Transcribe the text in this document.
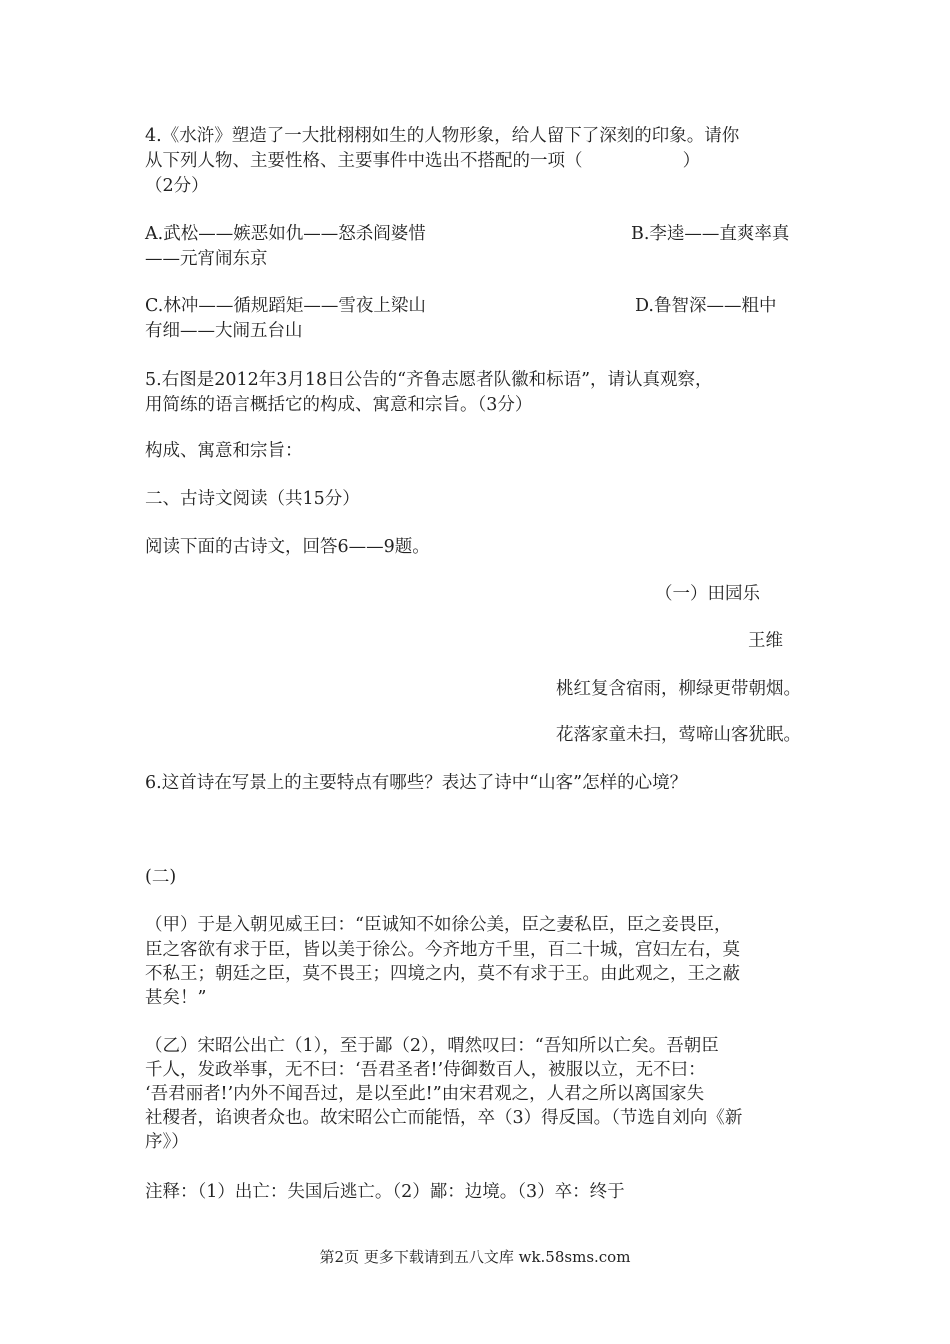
4.《水浒》塑造了一大批栩栩如生的人物形象，给人留下了深刻的印象。请你
从下列人物、主要性格、主要事件中选出不搭配的一项（                  ）
（2分）
A.武松——嫉恶如仇——怒杀阎婆惜	B.李逵——直爽率真
——元宵闹东京
C.林冲——循规蹈矩——雪夜上梁山	D.鲁智深——粗中
有细——大闹五台山
5.右图是2012年3月18日公告的“齐鲁志愿者队徽和标语”，请认真观察，
用简练的语言概括它的构成、寓意和宗旨。（3分）
构成、寓意和宗旨：
二、古诗文阅读（共15分）
阅读下面的古诗文，回答6——9题。
（一）田园乐
王维
桃红复含宿雨，柳绿更带朝烟。
花落家童未扫，莺啼山客犹眠。
6.这首诗在写景上的主要特点有哪些？表达了诗中“山客”怎样的心境？
(二)
（甲）于是入朝见威王曰：“臣诚知不如徐公美，臣之妻私臣，臣之妾畏臣，
臣之客欲有求于臣，皆以美于徐公。今齐地方千里，百二十城，宫妇左右，莫
不私王；朝廷之臣，莫不畏王；四境之内，莫不有求于王。由此观之，王之蔽
甚矣！”
（乙）宋昭公出亡（1），至于鄙（2），喟然叹曰：“吾知所以亡矣。吾朝臣
千人，发政举事，无不曰：‘吾君圣者!’侍御数百人，被服以立，无不曰：
‘吾君丽者!’内外不闻吾过，是以至此!”由宋君观之，人君之所以离国家失
社稷者，谄谀者众也。故宋昭公亡而能悟，卒（3）得反国。（节选自刘向《新
序》）
注释：（1）出亡：失国后逃亡。（2）鄙：边境。（3）卒：终于
第2页 更多下载请到五八文库 wk.58sms.com
